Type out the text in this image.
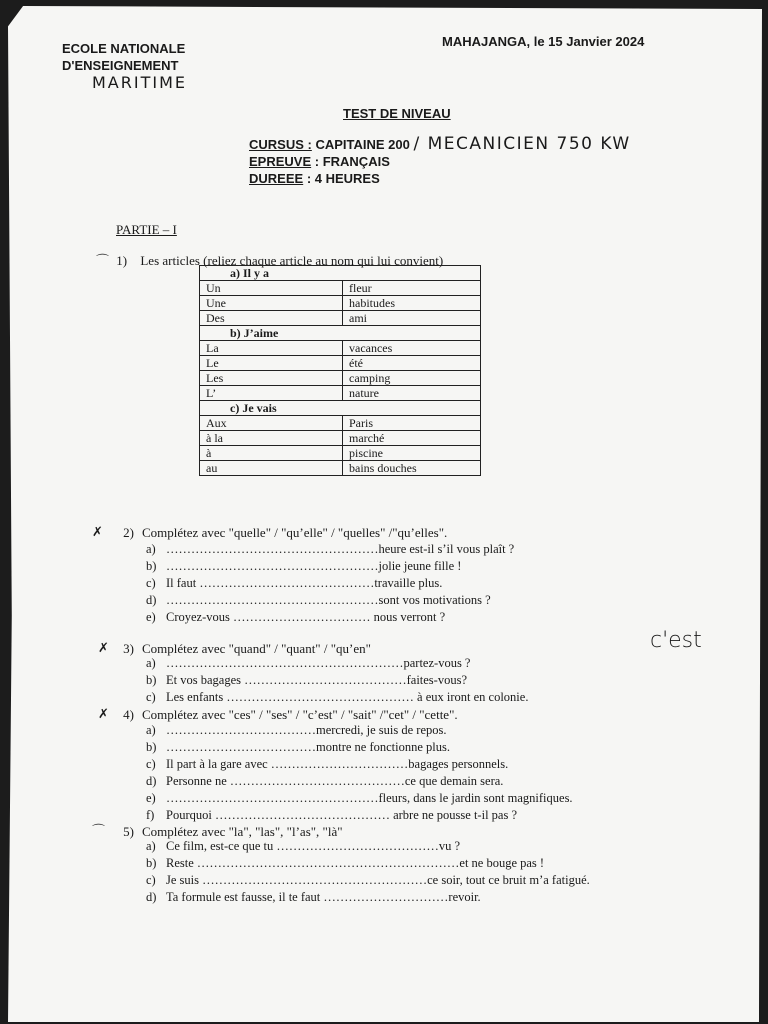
ECOLE NATIONALE
D'ENSEIGNEMENT
MARITIME
MAHAJANGA, le 15 Janvier 2024
TEST DE NIVEAU
CURSUS : CAPITAINE 200 / MECANICIEN 750 KW
EPREUVE : FRANÇAIS
DUREEE : 4 HEURES
PARTIE – I
⌒ 1) Les articles (reliez chaque article au nom qui lui convient)
a) Il y a	
Un	fleur
Une	habitudes
Des	ami
b) J’aime	
La	vacances
Le	été
Les	camping
L’	nature
c) Je vais	
Aux	Paris
à la	marché
à	piscine
au	bains douches
✗ 2) Complétez avec "quelle" / "qu’elle" / "quelles" /"qu’elles".
a) ……………………………………………heure est-il s’il vous plaît ?
b) ……………………………………………jolie jeune fille !
c) Il faut ……………………………………travaille plus.
d) ……………………………………………sont vos motivations ?
e) Croyez-vous …………………………… nous verront ?
✗ 3) Complétez avec "quand" / "quant" / "qu’en"
a) …………………………………………………partez-vous ?
b) Et vos bagages …………………………………faites-vous?
c) Les enfants ……………………………………… à eux iront en colonie.
✗ 4) Complétez avec "ces" / "ses" / "c’est" / "sait" /"cet" / "cette".
a) ………………………………mercredi, je suis de repos.
b) ………………………………montre ne fonctionne plus.
c) Il part à la gare avec ……………………………bagages personnels.
d) Personne ne ……………………………………ce que demain sera.
e) ……………………………………………fleurs, dans le jardin sont magnifiques.
f) Pourquoi …………………………………… arbre ne pousse t-il pas ?
⌒ 5) Complétez avec "la", "las", "l’as", "là"
a) Ce film, est-ce que tu …………………………………vu ?
b) Reste ………………………………………………………et ne bouge pas !
c) Je suis ………………………………………………ce soir, tout ce bruit m’a fatigué.
d) Ta formule est fausse, il te faut …………………………revoir.
c'est
